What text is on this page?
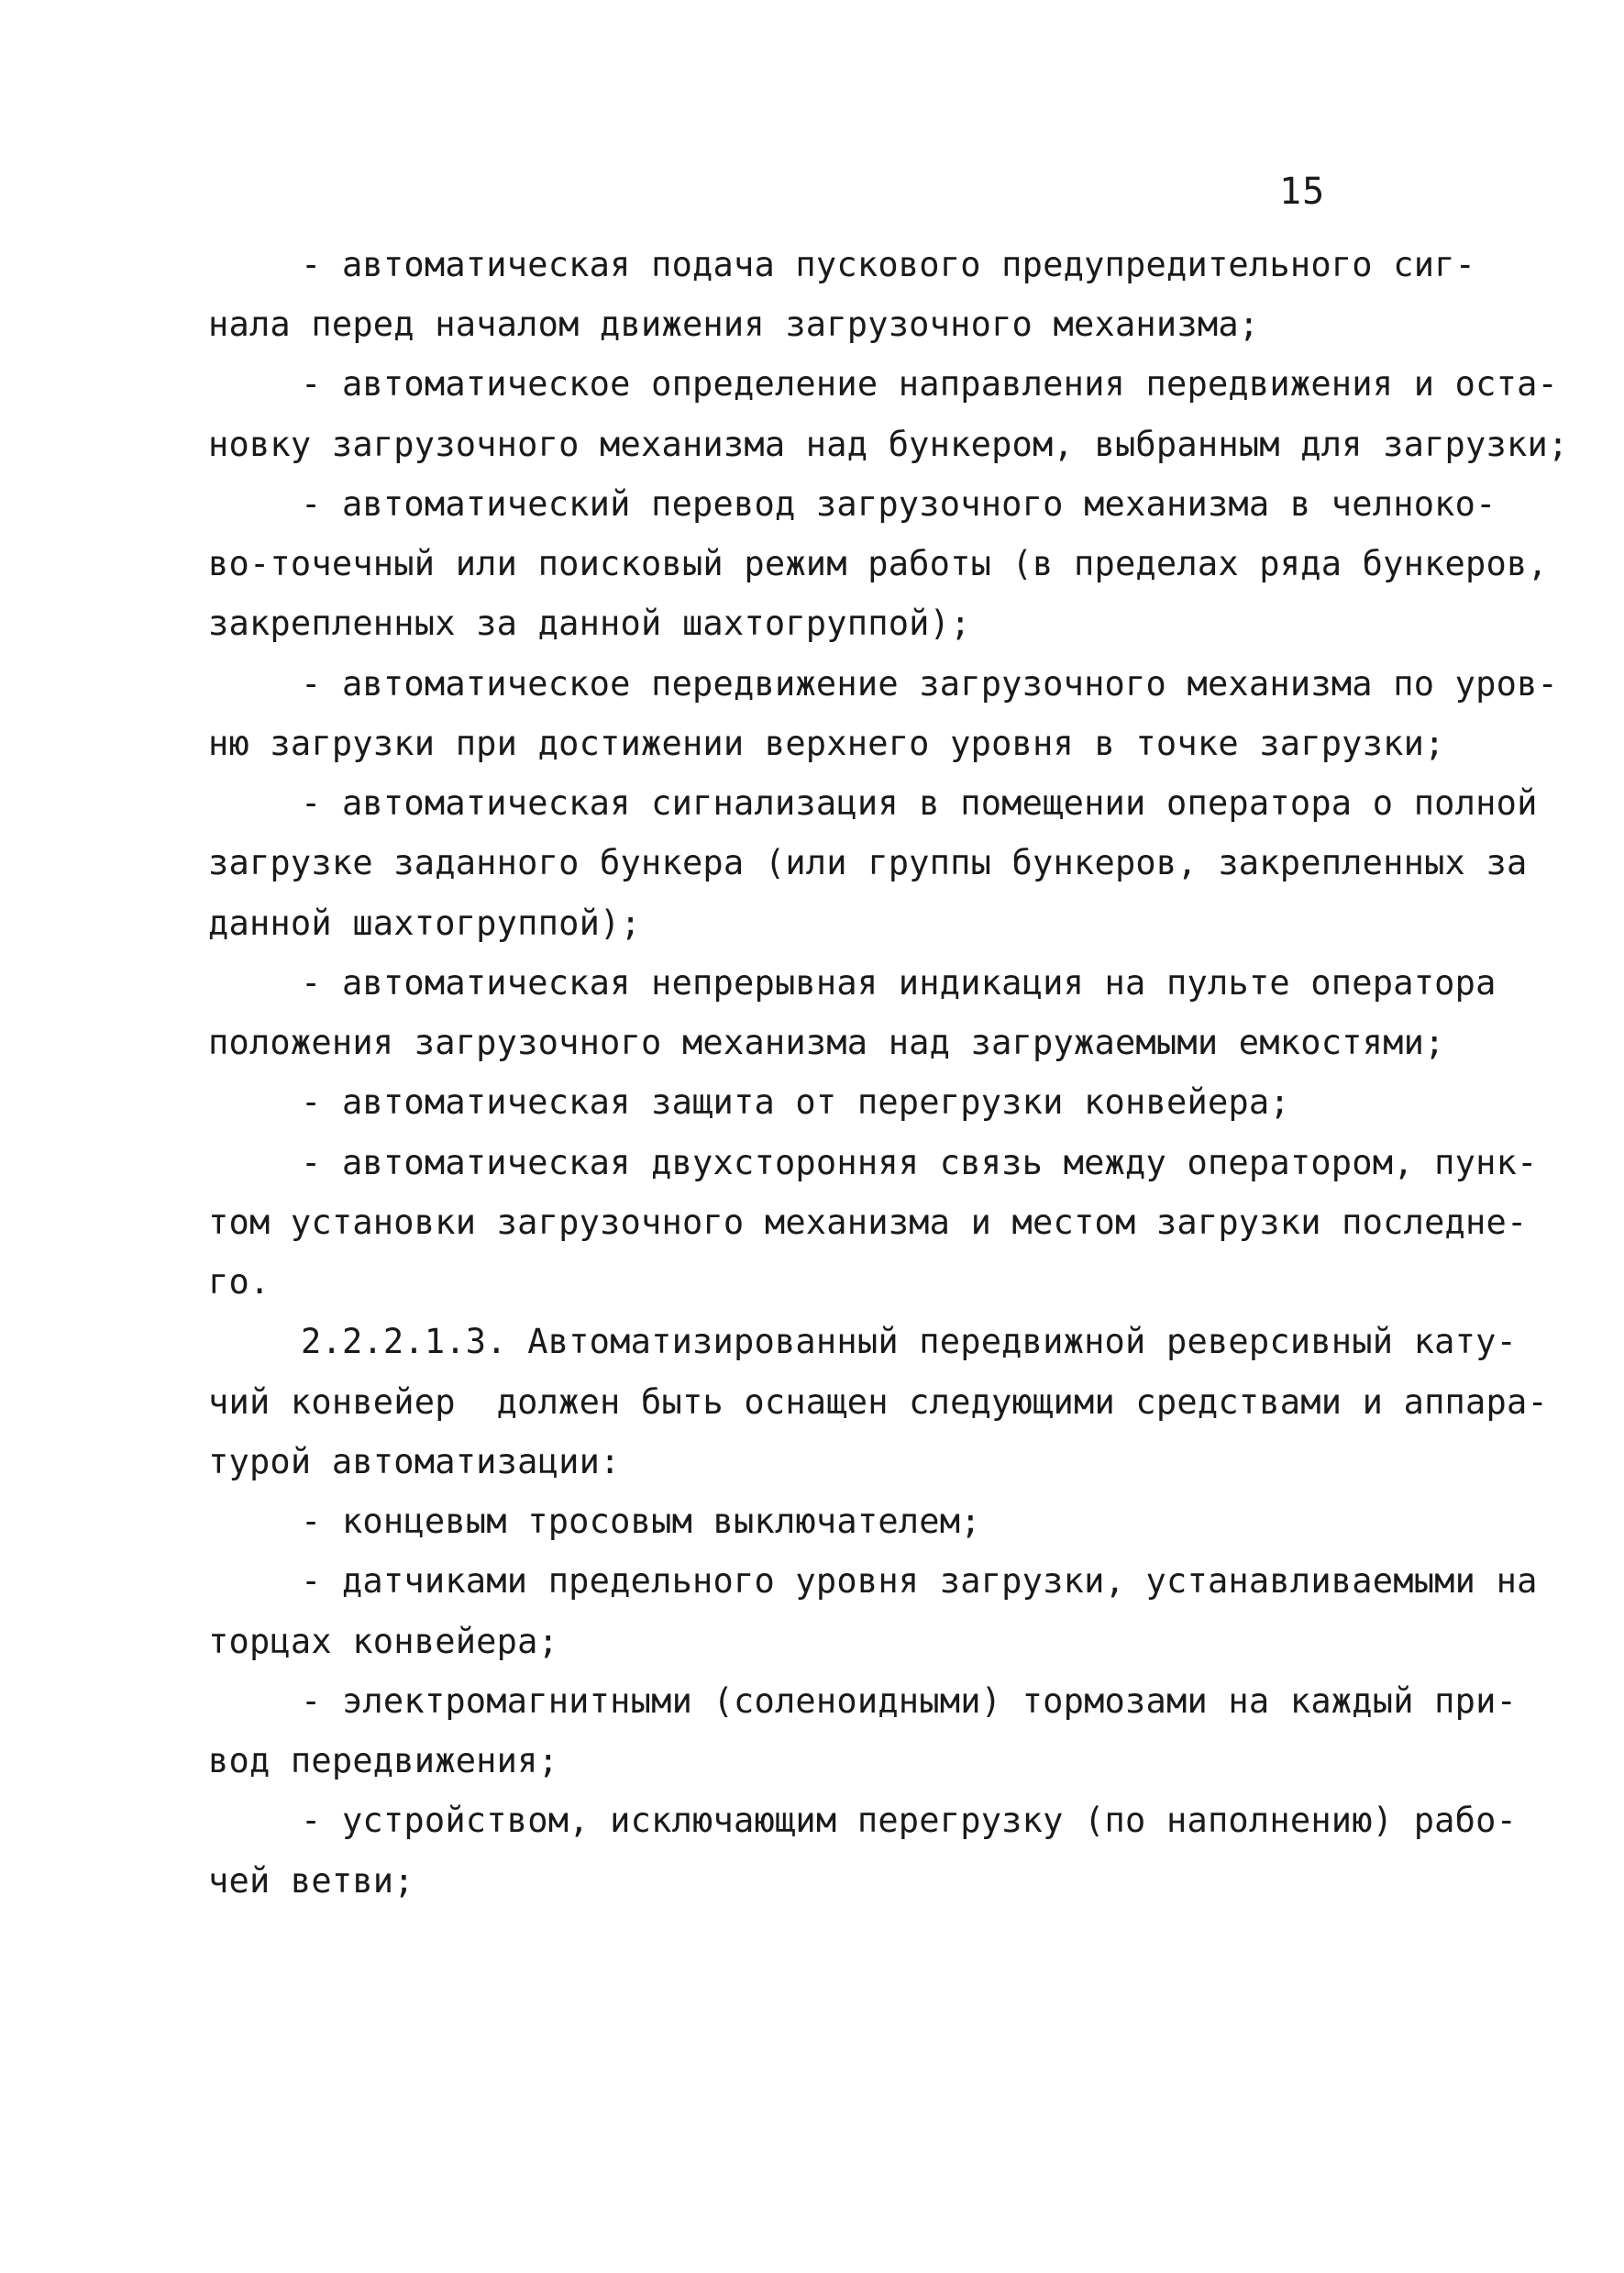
15
- автоматическая подача пускового предупредительного сиг-
нала перед началом движения загрузочного механизма;
- автоматическое определение направления передвижения и оста-
новку загрузочного механизма над бункером, выбранным для загрузки;
- автоматический перевод загрузочного механизма в челноко-
во-точечный или поисковый режим работы (в пределах ряда бункеров,
закрепленных за данной шахтогруппой);
- автоматическое передвижение загрузочного механизма по уров-
ню загрузки при достижении верхнего уровня в точке загрузки;
- автоматическая сигнализация в помещении оператора о полной
загрузке заданного бункера (или группы бункеров, закрепленных за
данной шахтогруппой);
- автоматическая непрерывная индикация на пульте оператора
положения загрузочного механизма над загружаемыми емкостями;
- автоматическая защита от перегрузки конвейера;
- автоматическая двухсторонняя связь между оператором, пунк-
том установки загрузочного механизма и местом загрузки последне-
го.
2.2.2.1.3. Автоматизированный передвижной реверсивный кату-
чий конвейер  должен быть оснащен следующими средствами и аппара-
турой автоматизации:
- концевым тросовым выключателем;
- датчиками предельного уровня загрузки, устанавливаемыми на
торцах конвейера;
- электромагнитными (соленоидными) тормозами на каждый при-
вод передвижения;
- устройством, исключающим перегрузку (по наполнению) рабо-
чей ветви;
